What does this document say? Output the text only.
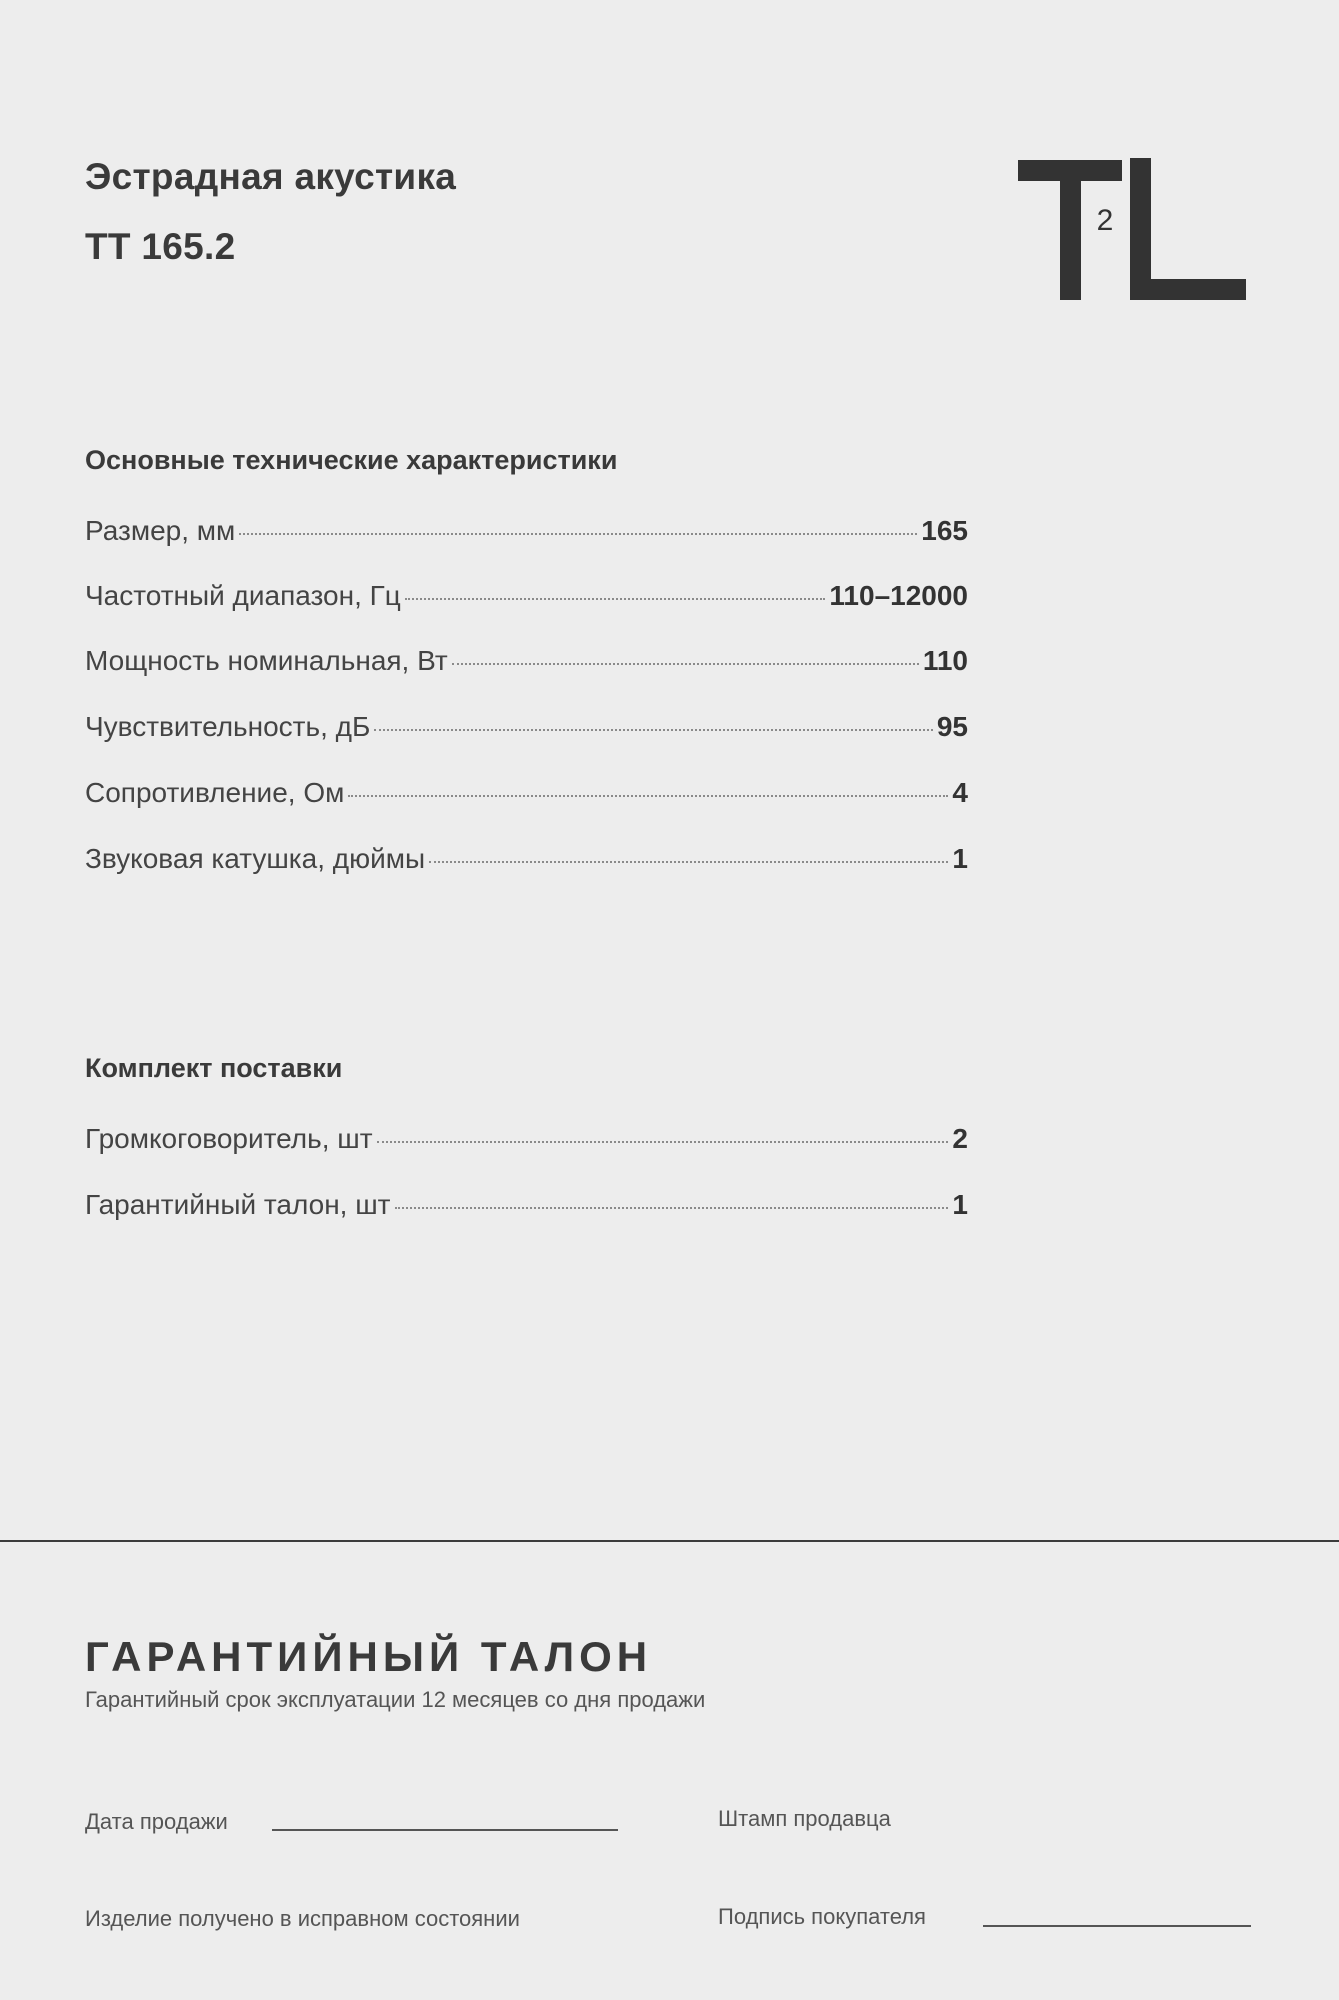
Эстрадная акустика
ТТ 165.2
2
Основные технические характеристики
Размер, мм	165
Частотный диапазон, Гц	110–12000
Мощность номинальная, Вт	110
Чувствительность, дБ	95
Сопротивление, Ом	4
Звуковая катушка, дюймы	1
Комплект поставки
Громкоговоритель, шт	2
Гарантийный талон, шт	1
ГАРАНТИЙНЫЙ ТАЛОН
Гарантийный срок эксплуатации 12 месяцев со дня продажи
Дата продажи	Штамп продавца
Изделие получено в исправном состоянии	Подпись покупателя
